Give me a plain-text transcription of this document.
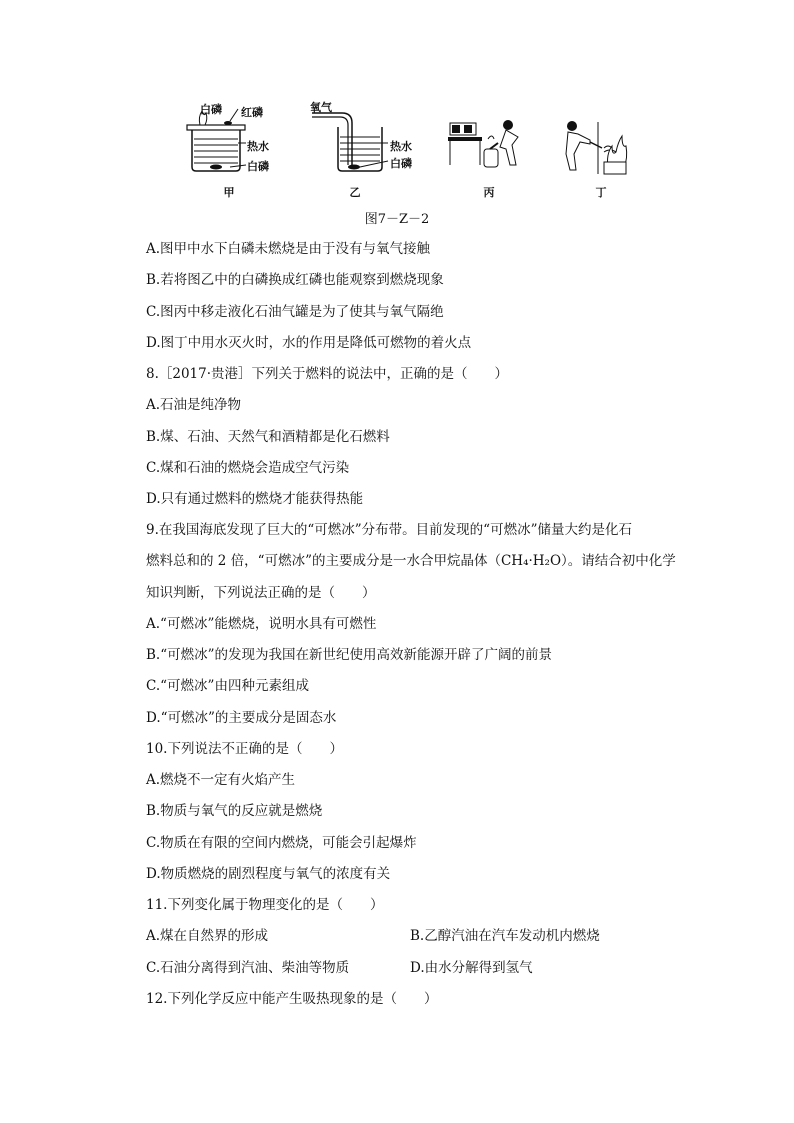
白磷 红磷
热水
白磷
氧气
热水
白磷
甲	乙	丙	丁
图7－Z－2
A.图甲中水下白磷未燃烧是由于没有与氧气接触
B.若将图乙中的白磷换成红磷也能观察到燃烧现象
C.图丙中移走液化石油气罐是为了使其与氧气隔绝
D.图丁中用水灭火时，水的作用是降低可燃物的着火点
8.［2017·贵港］下列关于燃料的说法中，正确的是（　　）
A.石油是纯净物
B.煤、石油、天然气和酒精都是化石燃料
C.煤和石油的燃烧会造成空气污染
D.只有通过燃料的燃烧才能获得热能
9.在我国海底发现了巨大的“可燃冰”分布带。目前发现的“可燃冰”储量大约是化石
燃料总和的 2 倍，“可燃冰”的主要成分是一水合甲烷晶体（CH₄·H₂O）。请结合初中化学
知识判断，下列说法正确的是（　　）
A.“可燃冰”能燃烧，说明水具有可燃性
B.“可燃冰”的发现为我国在新世纪使用高效新能源开辟了广阔的前景
C.“可燃冰”由四种元素组成
D.“可燃冰”的主要成分是固态水
10.下列说法不正确的是（　　）
A.燃烧不一定有火焰产生
B.物质与氧气的反应就是燃烧
C.物质在有限的空间内燃烧，可能会引起爆炸
D.物质燃烧的剧烈程度与氧气的浓度有关
11.下列变化属于物理变化的是（　　）
A.煤在自然界的形成	B.乙醇汽油在汽车发动机内燃烧
C.石油分离得到汽油、柴油等物质	D.由水分解得到氢气
12.下列化学反应中能产生吸热现象的是（　　）
